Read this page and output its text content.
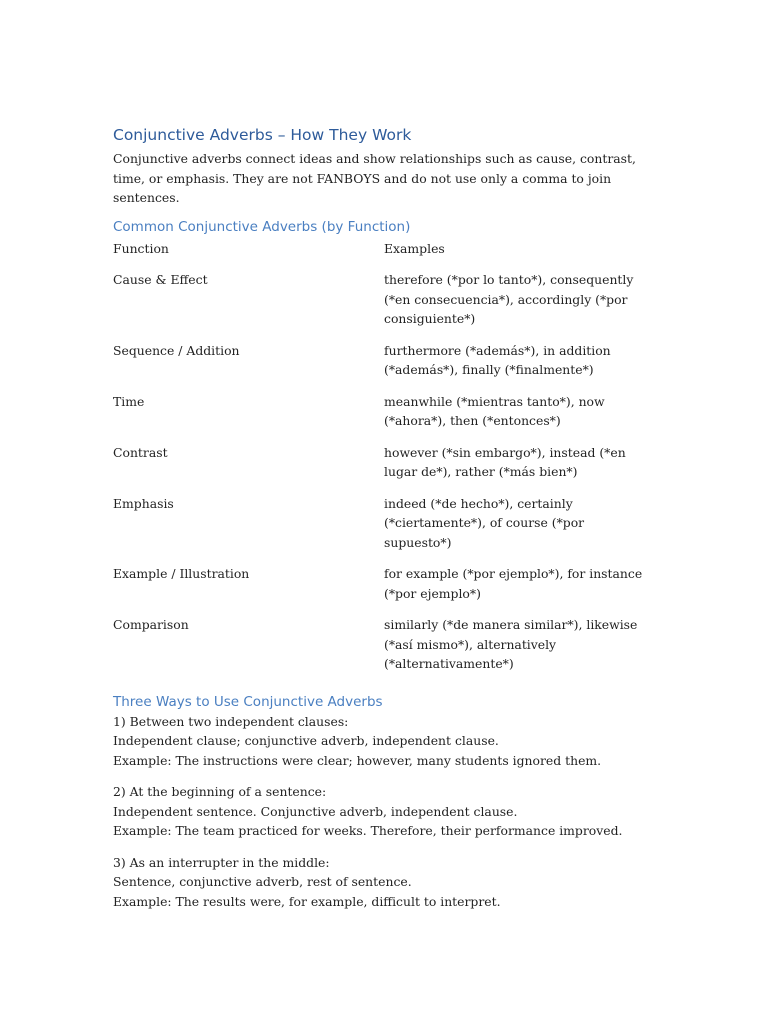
Conjunctive Adverbs – How They Work
Conjunctive adverbs connect ideas and show relationships such as cause, contrast, time, or emphasis. They are not FANBOYS and do not use only a comma to join sentences.
Common Conjunctive Adverbs (by Function)
Function	Examples
Cause & Effect	therefore (*por lo tanto*), consequently (*en consecuencia*), accordingly (*por consiguiente*)
Sequence / Addition	furthermore (*además*), in addition (*además*), finally (*finalmente*)
Time	meanwhile (*mientras tanto*), now (*ahora*), then (*entonces*)
Contrast	however (*sin embargo*), instead (*en lugar de*), rather (*más bien*)
Emphasis	indeed (*de hecho*), certainly (*ciertamente*), of course (*por supuesto*)
Example / Illustration	for example (*por ejemplo*), for instance (*por ejemplo*)
Comparison	similarly (*de manera similar*), likewise (*así mismo*), alternatively (*alternativamente*)
Three Ways to Use Conjunctive Adverbs
1) Between two independent clauses:
Independent clause; conjunctive adverb, independent clause.
Example: The instructions were clear; however, many students ignored them.
2) At the beginning of a sentence:
Independent sentence. Conjunctive adverb, independent clause.
Example: The team practiced for weeks. Therefore, their performance improved.
3) As an interrupter in the middle:
Sentence, conjunctive adverb, rest of sentence.
Example: The results were, for example, difficult to interpret.
